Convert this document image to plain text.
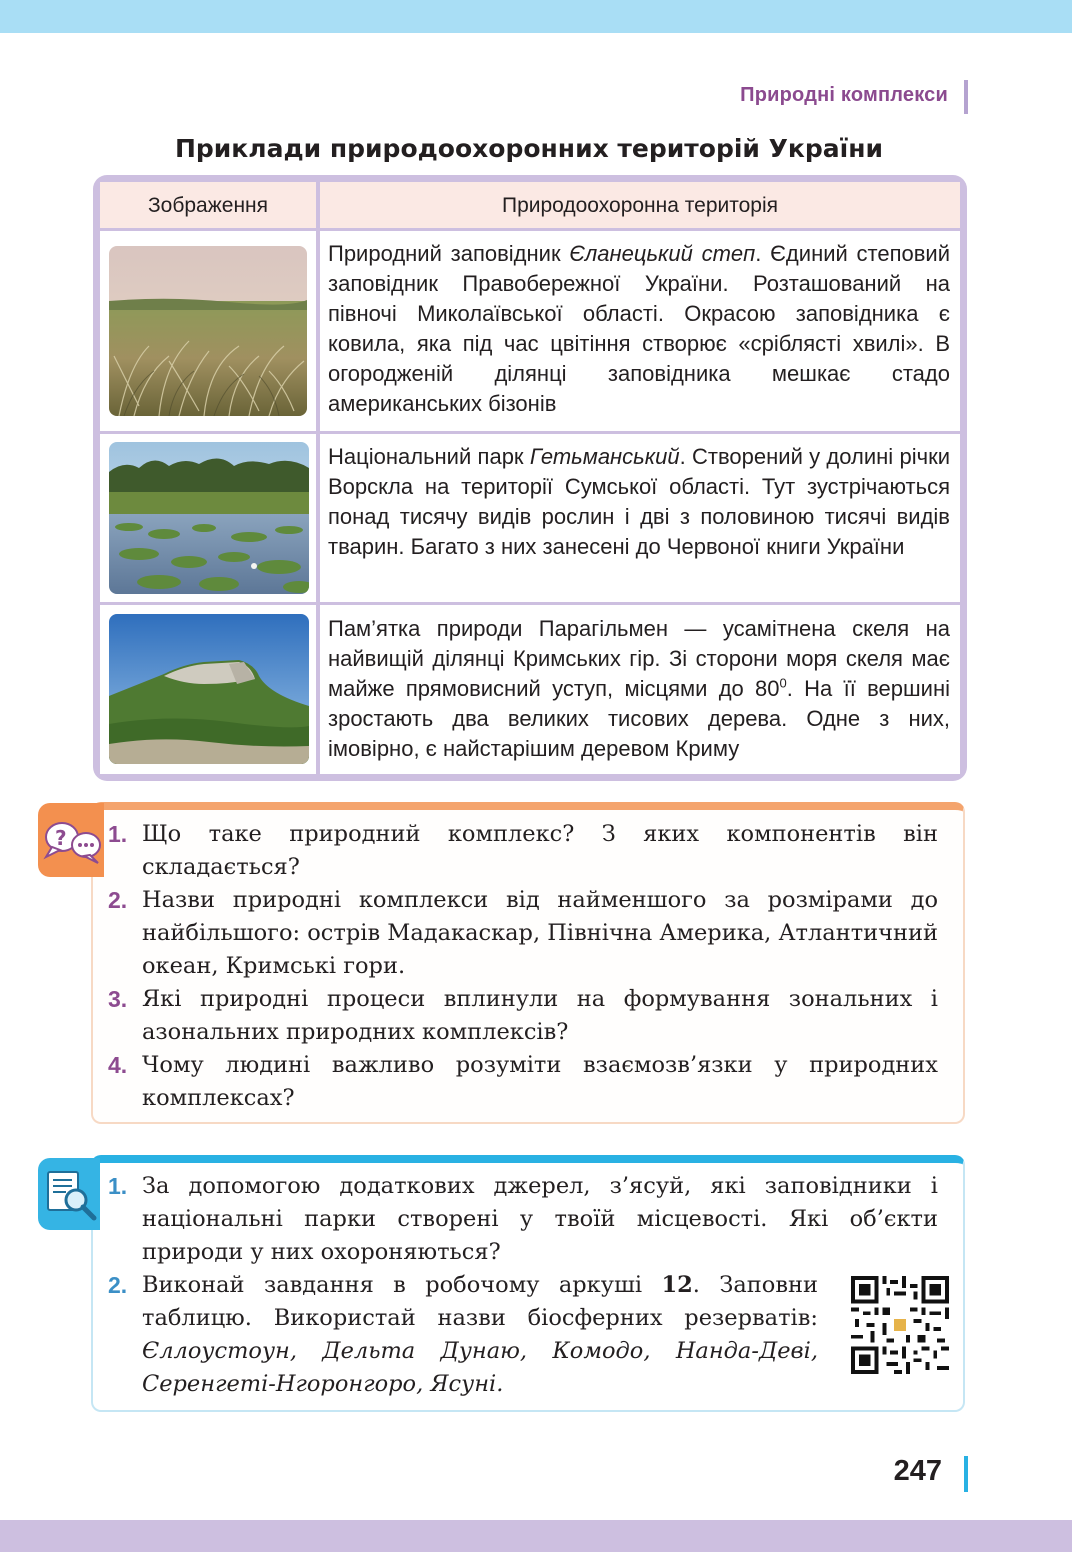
Природні комплекси
Приклади природоохоронних територій України
Зображення	Природоохоронна територія
Природний заповідник Єланецький степ. Єдиний степовий заповідник Правобережної України. Розташований на півночі Миколаївської області. Окрасою заповідника є ковила, яка під час цвітіння створює «сріблясті хвилі». В огородженій ділянці заповідника мешкає стадо американських бізонів
Національний парк Гетьманський. Створений у долині річки Ворскла на території Сумської області. Тут зустрічаються понад тисячу видів рослин і дві з половиною тисячі видів тварин. Багато з них занесені до Червоної книги України
Пам’ятка природи Парагільмен — усамітнена скеля на найвищій ділянці Кримських гір. Зі сторони моря скеля має майже прямовисний уступ, місцями до $80^0$. На її вершині зростають два великих тисових дерева. Одне з них, імовірно, є найстарішим деревом Криму
? 1. Що таке природний комплекс? З яких компонентів він складається?

2. Назви природні комплекси від найменшого за розмірами до найбільшого: острів Мадакаскар, Північна Америка, Атлантичний океан, Кримські гори.

3. Які природні процеси вплинули на формування зональних і азональних природних комплексів?

4. Чому людині важливо розуміти взаємозв’язки у природних комплексах?

1. За допомогою додаткових джерел, з’ясуй, які заповідники і національні парки створені у твоїй місцевості. Які об’єкти природи у них охороняються?

2. Виконай завдання в робочому аркуші 12. Заповни таблицю. Використай назви біосферних резерватів: Єллоустоун, Дельта Дунаю, Комодо, Нанда-Деві, Серенгеті-Нгоронгоро, Ясуні.

247
